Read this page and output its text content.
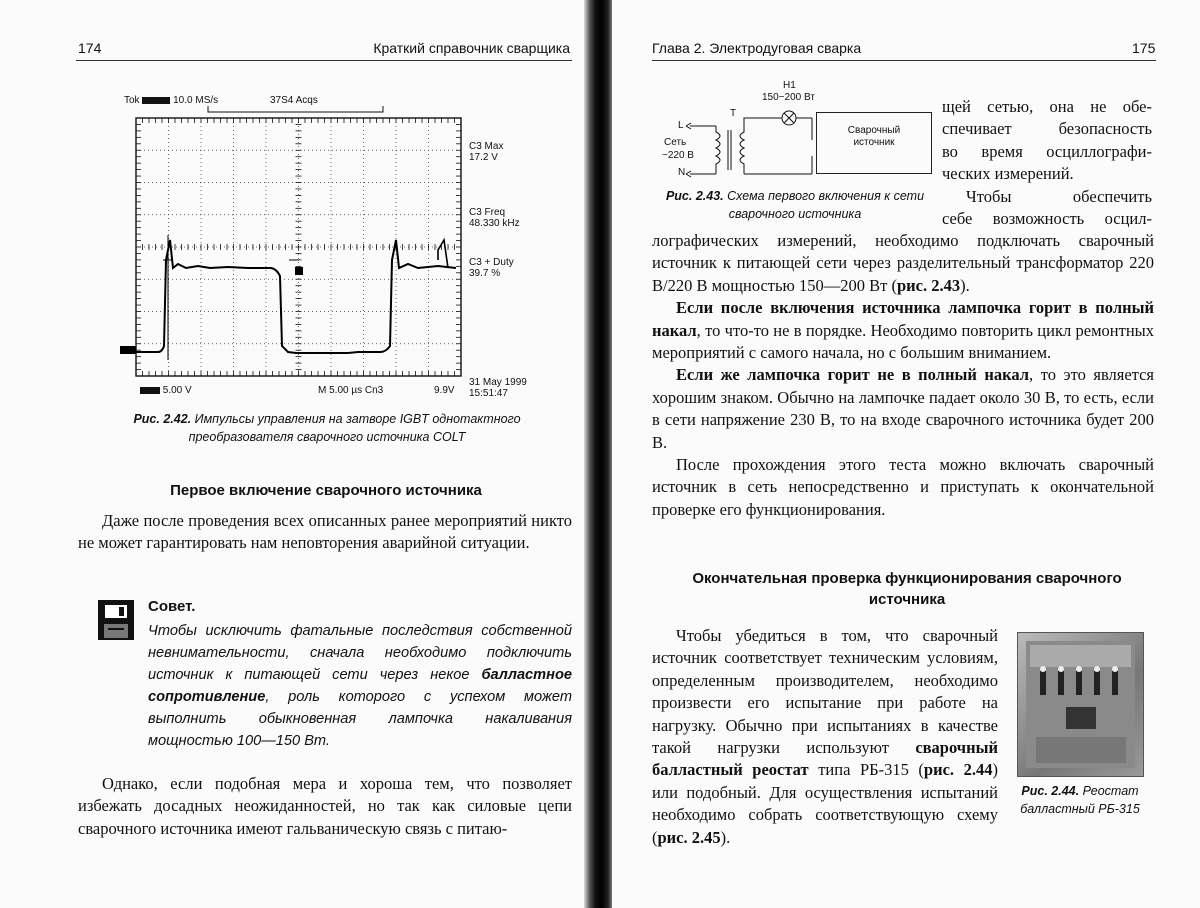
174	Краткий справочник сварщика
Tok	10.0 MS/s	37S4 Acqs
C3 Max
17.2 V
C3 Freq
48.330 kHz
C3 + Duty
39.7 %
5.00 V	M 5.00 µs Cn3	9.9V
31 May 1999
15:51:47
Рис. 2.42. Импульсы управления на затворе IGBT однотактного преобразователя сварочного источника COLT
Первое включение сварочного источника

Даже после проведения всех описанных ранее мероприятий никто не может гарантировать нам неповторения аварийной ситуации.

Совет.
Чтобы исключить фатальные последствия собственной невнимательности, сначала необходимо подключить источник к питающей сети через некое балластное сопротивление, роль которого с успехом может выполнить обыкновенная лампочка накаливания мощностью 100—150 Вт.

Однако, если подобная мера и хороша тем, что позволяет избежать досадных неожиданностей, но так как силовые цепи сварочного источника имеют гальваническую связь с питаю-

Глава 2. Электродуговая сварка	175
H1
150−200 Вт
T
L
Сеть
~220 В
N
Сварочный
источник
Рис. 2.43. Схема первого включения к сети сварочного источника
щей сетью, она не обе-
спечивает безопасность
во время осциллографи-
ческих измерений.
Чтобы обеспечить
себе возможность осцил-

лографических измерений, необходимо подключать сварочный источник к питающей сети через разделительный трансформатор 220 В/220 В мощностью 150—200 Вт (рис. 2.43).

Если после включения источника лампочка горит в полный накал, то что-то не в порядке. Необходимо повторить цикл ремонтных мероприятий с самого начала, но с большим вниманием.

Если же лампочка горит не в полный накал, то это является хорошим знаком. Обычно на лампочке падает около 30 В, то есть, если в сети напряжение 230 В, то на входе сварочного источника будет 200 В.

После прохождения этого теста можно включать сварочный источник в сеть непосредственно и приступать к окончательной проверке его функционирования.

Окончательная проверка функционирования сварочного источника

Чтобы убедиться в том, что сварочный источник соответствует техническим условиям, определенным производителем, необходимо произвести его испытание при работе на нагрузку. Обычно при испытаниях в качестве такой нагрузки используют сварочный балластный реостат типа РБ-315 (рис. 2.44) или подобный. Для осуществления испытаний необходимо собрать соответствующую схему (рис. 2.45).

Рис. 2.44. Реостат балластный РБ-315
